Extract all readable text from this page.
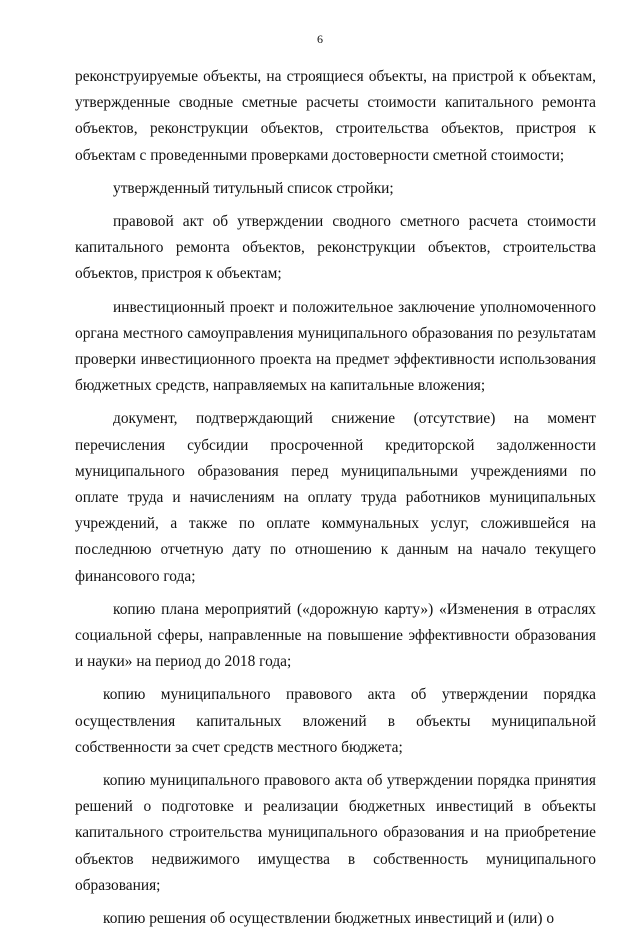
6

реконструируемые объекты, на строящиеся объекты, на пристрой к объектам, утвержденные сводные сметные расчеты стоимости капитального ремонта объектов, реконструкции объектов, строительства объектов, пристроя к объектам с проведенными проверками достоверности сметной стоимости;

утвержденный титульный список стройки;

правовой акт об утверждении сводного сметного расчета стоимости капитального ремонта объектов, реконструкции объектов, строительства объектов, пристроя к объектам;

инвестиционный проект и положительное заключение уполномоченного органа местного самоуправления муниципального образования по результатам проверки инвестиционного проекта на предмет эффективности использования бюджетных средств, направляемых на капитальные вложения;

документ, подтверждающий снижение (отсутствие) на момент перечисления субсидии просроченной кредиторской задолженности муниципального образования перед муниципальными учреждениями по оплате труда и начислениям на оплату труда работников муниципальных учреждений, а также по оплате коммунальных услуг, сложившейся на последнюю отчетную дату по отношению к данным на начало текущего финансового года;

копию плана мероприятий («дорожную карту») «Изменения в отраслях социальной сферы, направленные на повышение эффективности образования и науки» на период до 2018 года;

копию муниципального правового акта об утверждении порядка осуществления капитальных вложений в объекты муниципальной собственности за счет средств местного бюджета;

копию муниципального правового акта об утверждении порядка принятия решений о подготовке и реализации бюджетных инвестиций в объекты капитального строительства муниципального образования и на приобретение объектов недвижимого имущества в собственность муниципального образования;

копию решения об осуществлении бюджетных инвестиций и (или) о
